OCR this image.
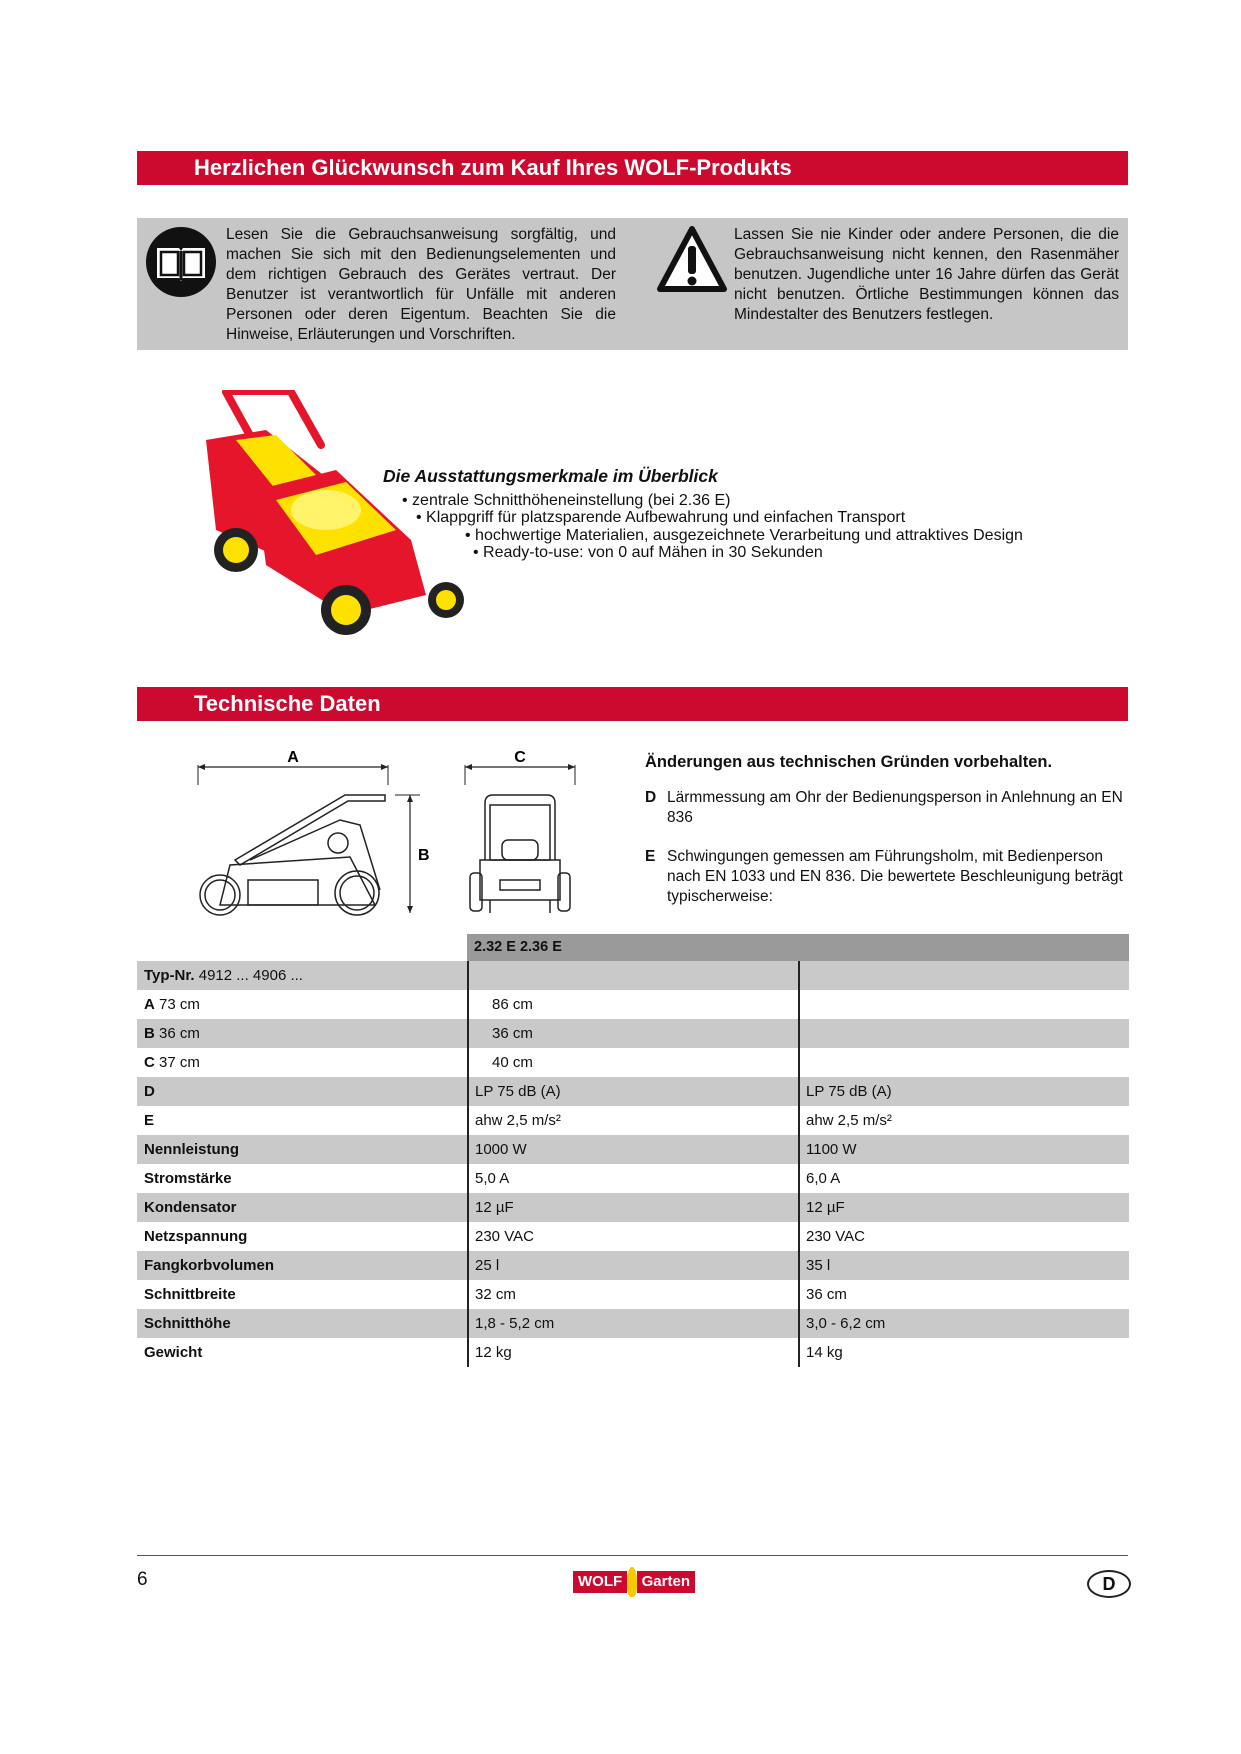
Herzlichen Glückwunsch zum Kauf Ihres WOLF-Produkts

Lesen Sie die Gebrauchsanweisung sorgfältig, und machen Sie sich mit den Bedienungselementen und dem richtigen Gebrauch des Gerätes vertraut. Der Benutzer ist verantwortlich für Unfälle mit anderen Personen oder deren Eigentum. Beachten Sie die Hinweise, Erläuterungen und Vorschriften.

Lassen Sie nie Kinder oder andere Personen, die die Gebrauchsanweisung nicht kennen, den Rasenmäher benutzen. Jugendliche unter 16 Jahre dürfen das Gerät nicht benutzen. Örtliche Bestimmungen können das Mindestalter des Benutzers festlegen.

Die Ausstattungsmerkmale im Überblick
• zentrale Schnitthöheneinstellung (bei 2.36 E)
• Klappgriff für platzsparende Aufbewahrung und einfachen Transport
• hochwertige Materialien, ausgezeichnete Verarbeitung und attraktives Design
• Ready-to-use: von 0 auf Mähen in 30 Sekunden
Technische Daten
A
B
C	Änderungen aus technischen Gründen vorbehalten.
D Lärmmessung am Ohr der Bedienungsperson in Anlehnung an EN 836
E Schwingungen gemessen am Führungsholm, mit Bedienperson nach EN 1033 und EN 836. Die bewertete Beschleunigung beträgt typischerweise:
2.32 E 2.36 E
Typ-Nr. 4912 ... 4906 ...
A 73 cm	86 cm
B 36 cm	36 cm
C 37 cm	40 cm
D	LP 75 dB (A)	LP 75 dB (A)
E	ahw 2,5 m/s²	ahw 2,5 m/s²
Nennleistung	1000 W	1100 W
Stromstärke	5,0 A	6,0 A
Kondensator	12 µF	12 µF
Netzspannung	230 VAC	230 VAC
Fangkorbvolumen	25 l	35 l
Schnittbreite	32 cm	36 cm
Schnitthöhe	1,8 - 5,2 cm	3,0 - 6,2 cm
Gewicht	12 kg	14 kg
6	WOLF	Garten	D
